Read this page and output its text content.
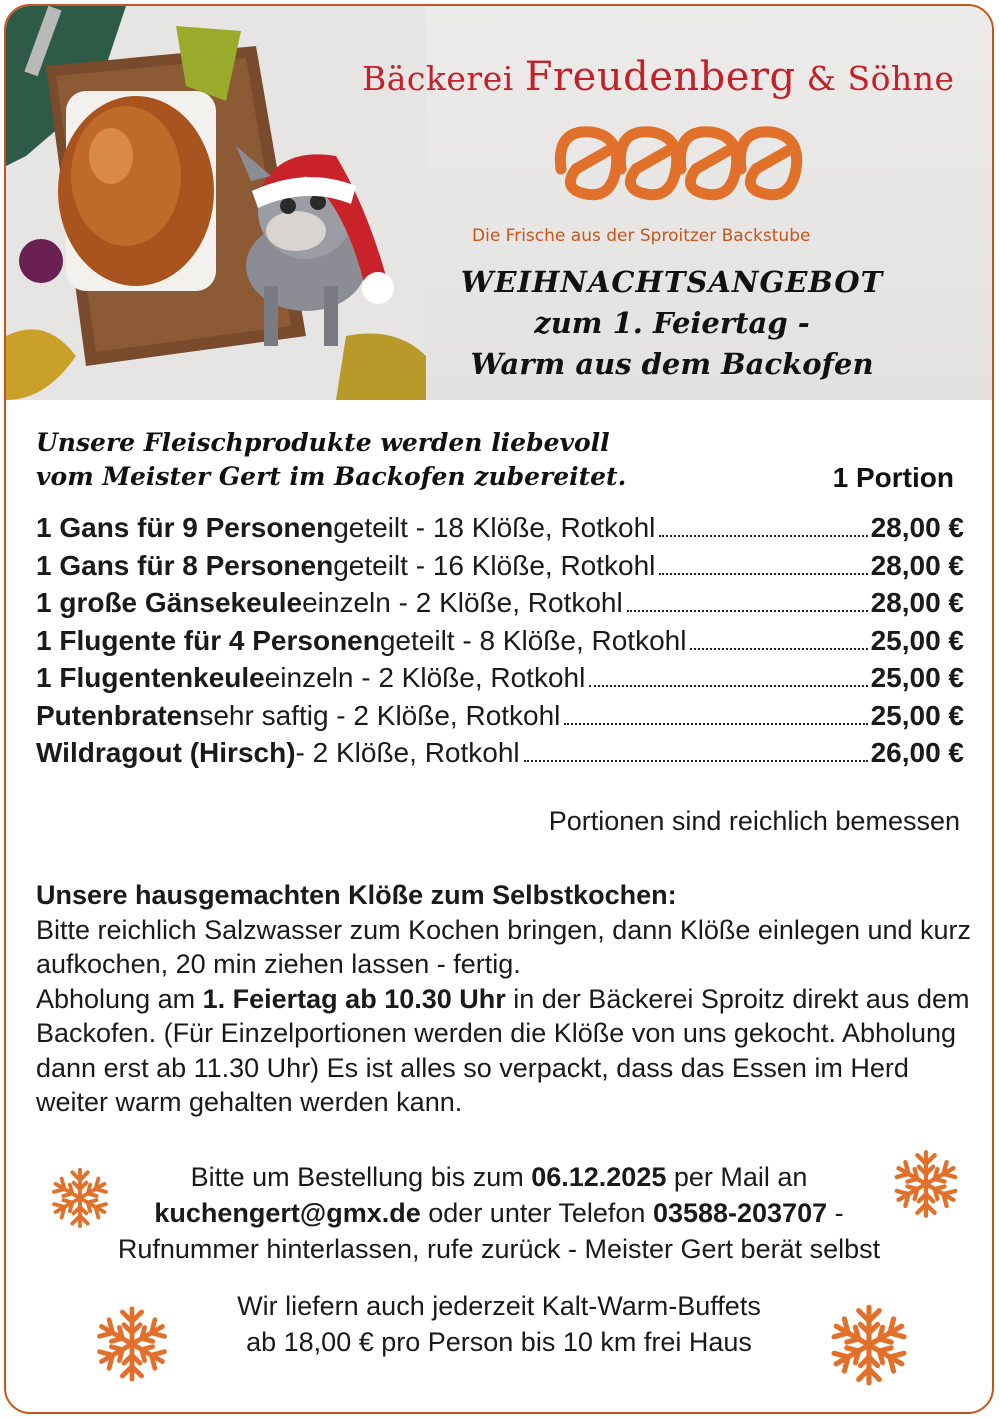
Bäckerei Freudenberg & Söhne
Die Frische aus der Sproitzer Backstube
WEIHNACHTSANGEBOT
zum 1. Feiertag -
Warm aus dem Backofen
Unsere Fleischprodukte werden liebevoll
vom Meister Gert im Backofen zubereitet.	1 Portion
1 Gans für 9 Personen geteilt - 18 Klöße, Rotkohl	28,00 €
1 Gans für 8 Personen geteilt - 16 Klöße, Rotkohl	28,00 €
1 große Gänsekeule einzeln - 2 Klöße, Rotkohl	28,00 €
1 Flugente für 4 Personen geteilt - 8 Klöße, Rotkohl	25,00 €
1 Flugentenkeule einzeln - 2 Klöße, Rotkohl	25,00 €
Putenbraten sehr saftig - 2 Klöße, Rotkohl	25,00 €
Wildragout (Hirsch) - 2 Klöße, Rotkohl	26,00 €
Portionen sind reichlich bemessen
Unsere hausgemachten Klöße zum Selbstkochen:
Bitte reichlich Salzwasser zum Kochen bringen, dann Klöße einlegen und kurz aufkochen, 20 min ziehen lassen - fertig.
Abholung am 1. Feiertag ab 10.30 Uhr in der Bäckerei Sproitz direkt aus dem Backofen. (Für Einzelportionen werden die Klöße von uns gekocht. Abholung dann erst ab 11.30 Uhr) Es ist alles so verpackt, dass das Essen im Herd weiter warm gehalten werden kann.
Bitte um Bestellung bis zum 06.12.2025 per Mail an
kuchengert@gmx.de oder unter Telefon 03588-203707 -
Rufnummer hinterlassen, rufe zurück - Meister Gert berät selbst
Wir liefern auch jederzeit Kalt-Warm-Buffets
ab 18,00 € pro Person bis 10 km frei Haus
